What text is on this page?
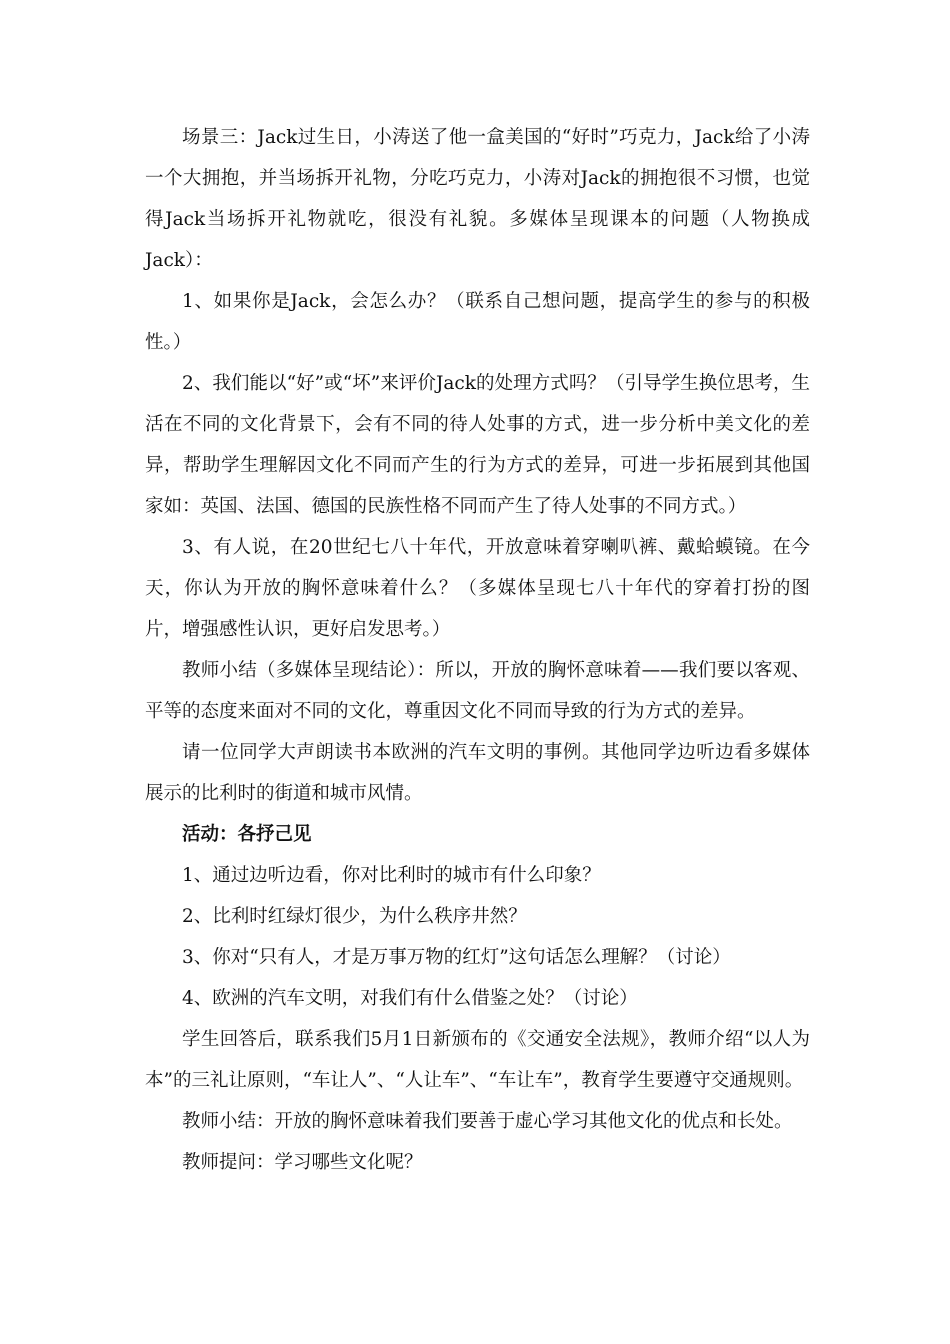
场景三：Jack过生日，小涛送了他一盒美国的“好时”巧克力，Jack给了小涛一个大拥抱，并当场拆开礼物，分吃巧克力，小涛对Jack的拥抱很不习惯，也觉得Jack当场拆开礼物就吃，很没有礼貌。多媒体呈现课本的问题（人物换成Jack）：

1、如果你是Jack，会怎么办？（联系自己想问题，提高学生的参与的积极性。）

2、我们能以“好”或“坏”来评价Jack的处理方式吗？（引导学生换位思考，生活在不同的文化背景下，会有不同的待人处事的方式，进一步分析中美文化的差异，帮助学生理解因文化不同而产生的行为方式的差异，可进一步拓展到其他国家如：英国、法国、德国的民族性格不同而产生了待人处事的不同方式。）

3、有人说，在20世纪七八十年代，开放意味着穿喇叭裤、戴蛤蟆镜。在今天，你认为开放的胸怀意味着什么？（多媒体呈现七八十年代的穿着打扮的图片，增强感性认识，更好启发思考。）

教师小结（多媒体呈现结论）：所以，开放的胸怀意味着——我们要以客观、平等的态度来面对不同的文化，尊重因文化不同而导致的行为方式的差异。

请一位同学大声朗读书本欧洲的汽车文明的事例。其他同学边听边看多媒体展示的比利时的街道和城市风情。

活动：各抒己见

1、通过边听边看，你对比利时的城市有什么印象？

2、比利时红绿灯很少，为什么秩序井然？

3、你对“只有人，才是万事万物的红灯”这句话怎么理解？（讨论）

4、欧洲的汽车文明，对我们有什么借鉴之处？（讨论）

学生回答后，联系我们5月1日新颁布的《交通安全法规》，教师介绍“以人为本”的三礼让原则，“车让人”、“人让车”、“车让车”，教育学生要遵守交通规则。

教师小结：开放的胸怀意味着我们要善于虚心学习其他文化的优点和长处。

教师提问：学习哪些文化呢？
